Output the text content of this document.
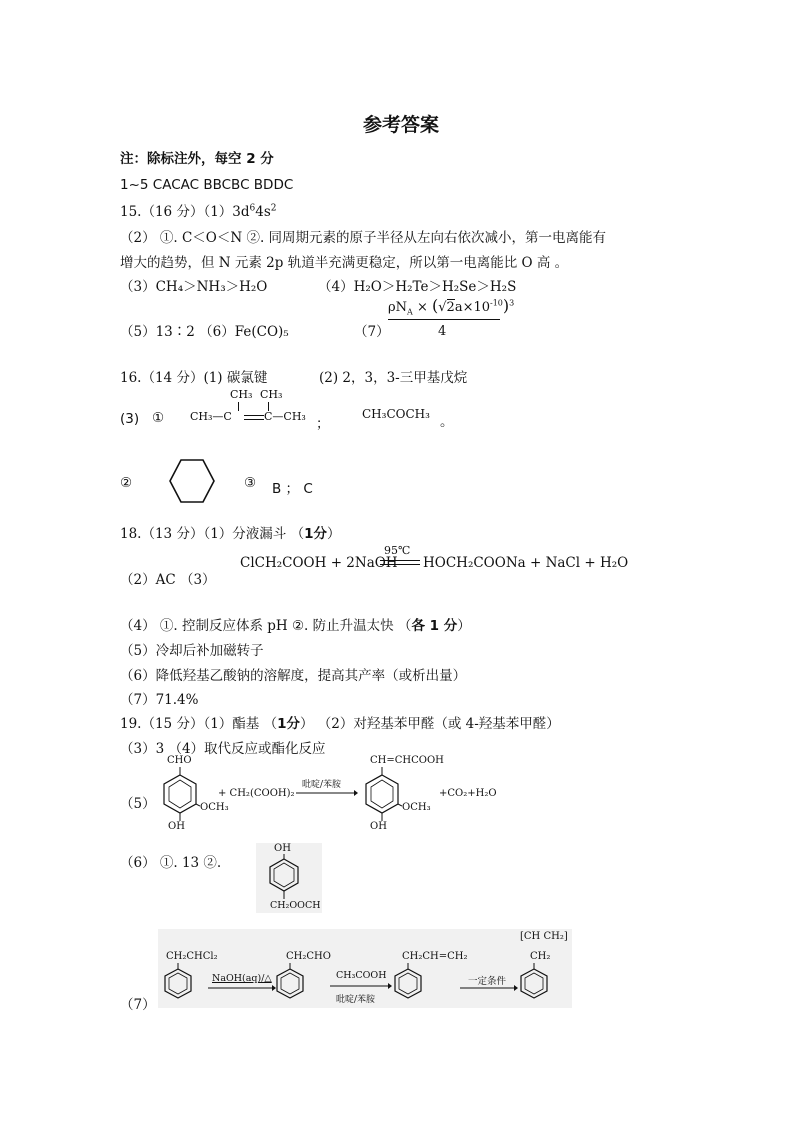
参考答案
注：除标注外，每空 2 分
1~5 CACAC BBCBC BDDC
15.（16 分）$(1)3d^64s^2$
（2） ①. C＜O＜N ②. 同周期元素的原子半径从左向右依次减小，第一电离能有
增大的趋势，但 N 元素 2p 轨道半充满更稳定，所以第一电离能比 O 高 。
（3）CH₄＞NH₃＞H₂O	（4）H₂O＞H₂Te＞H₂Se＞H₂S
（5）13∶2 （6）Fe(CO)₅	（7）
$\rho N_A \times (√2a\times 10^{-10})^3$
4
16.（14 分）(1) 碳氯键	(2) 2，3，3-三甲基戊烷
(3) ①
CH₃ CH₃
CH₃—C	C—CH₃ ；
CH₃COCH₃ 。
②	③ B ； C
18.（13 分）（1）分液漏斗 （1分）
（2）AC （3）
ClCH₂COOH + 2NaOH
95℃
HOCH₂COONa + NaCl + H₂O
（4） ①. 控制反应体系 pH ②. 防止升温太快 （各 1 分）
（5）冷却后补加磁转子
（6）降低羟基乙酸钠的溶解度，提高其产率（或析出量）
（7）71.4%
19.（15 分）（1）酯基 （1分） （2）对羟基苯甲醛（或 4-羟基苯甲醛）
（3）3 （4）取代反应或酯化反应
（5）
CHO
OCH₃
OH
+ CH₂(COOH)₂
吡啶/苯胺
CH=CHCOOH
OCH₃
OH
+CO₂+H₂O
（6） ①. 13 ②.
OH
CH₂OOCH
（7）
CH₂CHCl₂
NaOH(aq)/△
CH₂CHO
CH₃COOH
吡啶/苯胺
CH₂CH=CH₂
一定条件
[CH CH₂]
CH₂
